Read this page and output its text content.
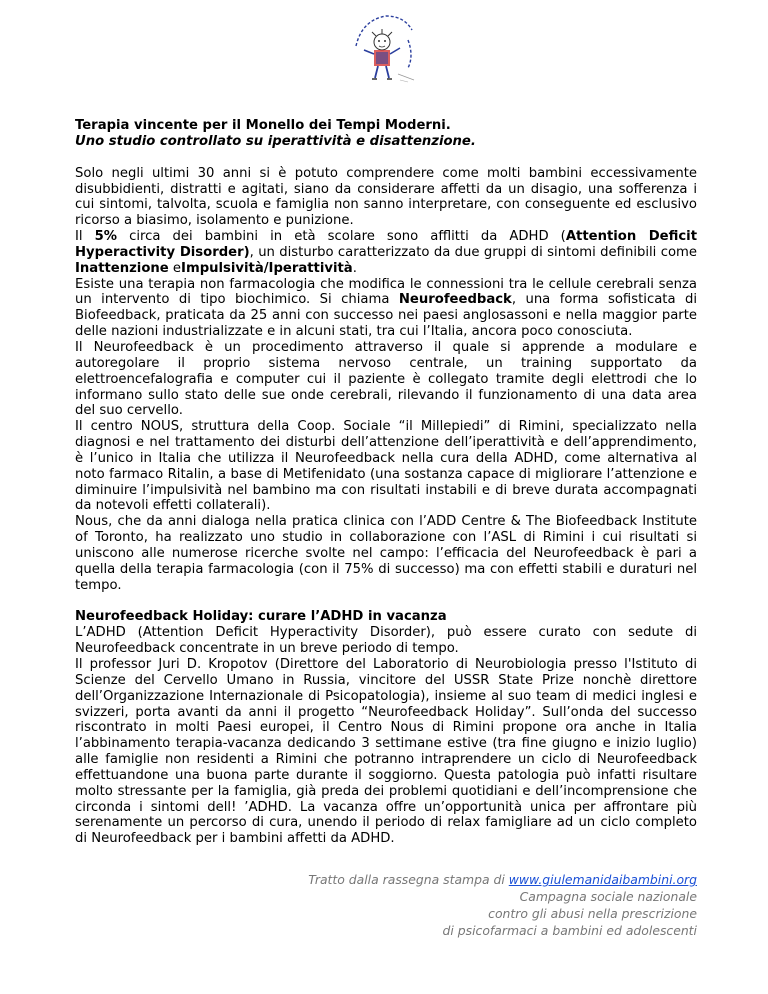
Terapia vincente per il Monello dei Tempi Moderni.

Uno studio controllato su iperattività e disattenzione.

Solo negli ultimi 30 anni si è potuto comprendere come molti bambini eccessivamente disubbidienti, distratti e agitati, siano da considerare affetti da un disagio, una sofferenza i cui sintomi, talvolta, scuola e famiglia non sanno interpretare, con conseguente ed esclusivo ricorso a biasimo, isolamento e punizione.

Il 5% circa dei bambini in età scolare sono afflitti da ADHD (Attention Deficit Hyperactivity Disorder), un disturbo caratterizzato da due gruppi di sintomi definibili come Inattenzione eImpulsività/Iperattività.

Esiste una terapia non farmacologia che modifica le connessioni tra le cellule cerebrali senza un intervento di tipo biochimico. Si chiama Neurofeedback, una forma sofisticata di Biofeedback, praticata da 25 anni con successo nei paesi anglosassoni e nella maggior parte delle nazioni industrializzate e in alcuni stati, tra cui l’Italia, ancora poco conosciuta.

Il Neurofeedback è un procedimento attraverso il quale si apprende a modulare e autoregolare il proprio sistema nervoso centrale, un training supportato da elettroencefalografia e computer cui il paziente è collegato tramite degli elettrodi che lo informano sullo stato delle sue onde cerebrali, rilevando il funzionamento di una data area del suo cervello.

Il centro NOUS, struttura della Coop. Sociale “il Millepiedi” di Rimini, specializzato nella diagnosi e nel trattamento dei disturbi dell’attenzione dell’iperattività e dell’apprendimento, è l’unico in Italia che utilizza il Neurofeedback nella cura della ADHD, come alternativa al noto farmaco Ritalin, a base di Metifenidato (una sostanza capace di migliorare l’attenzione e diminuire l’impulsività nel bambino ma con risultati instabili e di breve durata accompagnati da notevoli effetti collaterali).

Nous, che da anni dialoga nella pratica clinica con l’ADD Centre & The Biofeedback Institute of Toronto, ha realizzato uno studio in collaborazione con l’ASL di Rimini i cui risultati si uniscono alle numerose ricerche svolte nel campo: l’efficacia del Neurofeedback è pari a quella della terapia farmacologia (con il 75% di successo) ma con effetti stabili e duraturi nel tempo.

Neurofeedback Holiday: curare l’ADHD in vacanza

L’ADHD (Attention Deficit Hyperactivity Disorder), può essere curato con sedute di Neurofeedback concentrate in un breve periodo di tempo.

Il professor Juri D. Kropotov (Direttore del Laboratorio di Neurobiologia presso l'Istituto di Scienze del Cervello Umano in Russia, vincitore del USSR State Prize nonchè direttore dell’Organizzazione Internazionale di Psicopatologia), insieme al suo team di medici inglesi e svizzeri, porta avanti da anni il progetto “Neurofeedback Holiday”. Sull’onda del successo riscontrato in molti Paesi europei, il Centro Nous di Rimini propone ora anche in Italia l’abbinamento terapia-vacanza dedicando 3 settimane estive (tra fine giugno e inizio luglio) alle famiglie non residenti a Rimini che potranno intraprendere un ciclo di Neurofeedback effettuandone una buona parte durante il soggiorno. Questa patologia può infatti risultare molto stressante per la famiglia, già preda dei problemi quotidiani e dell’incomprensione che circonda i sintomi dell! ’ADHD. La vacanza offre un’opportunità unica per affrontare più serenamente un percorso di cura, unendo il periodo di relax famigliare ad un ciclo completo di Neurofeedback per i bambini affetti da ADHD.

Tratto dalla rassegna stampa di www.giulemanidaibambini.org
Campagna sociale nazionale
contro gli abusi nella prescrizione
di psicofarmaci a bambini ed adolescenti
